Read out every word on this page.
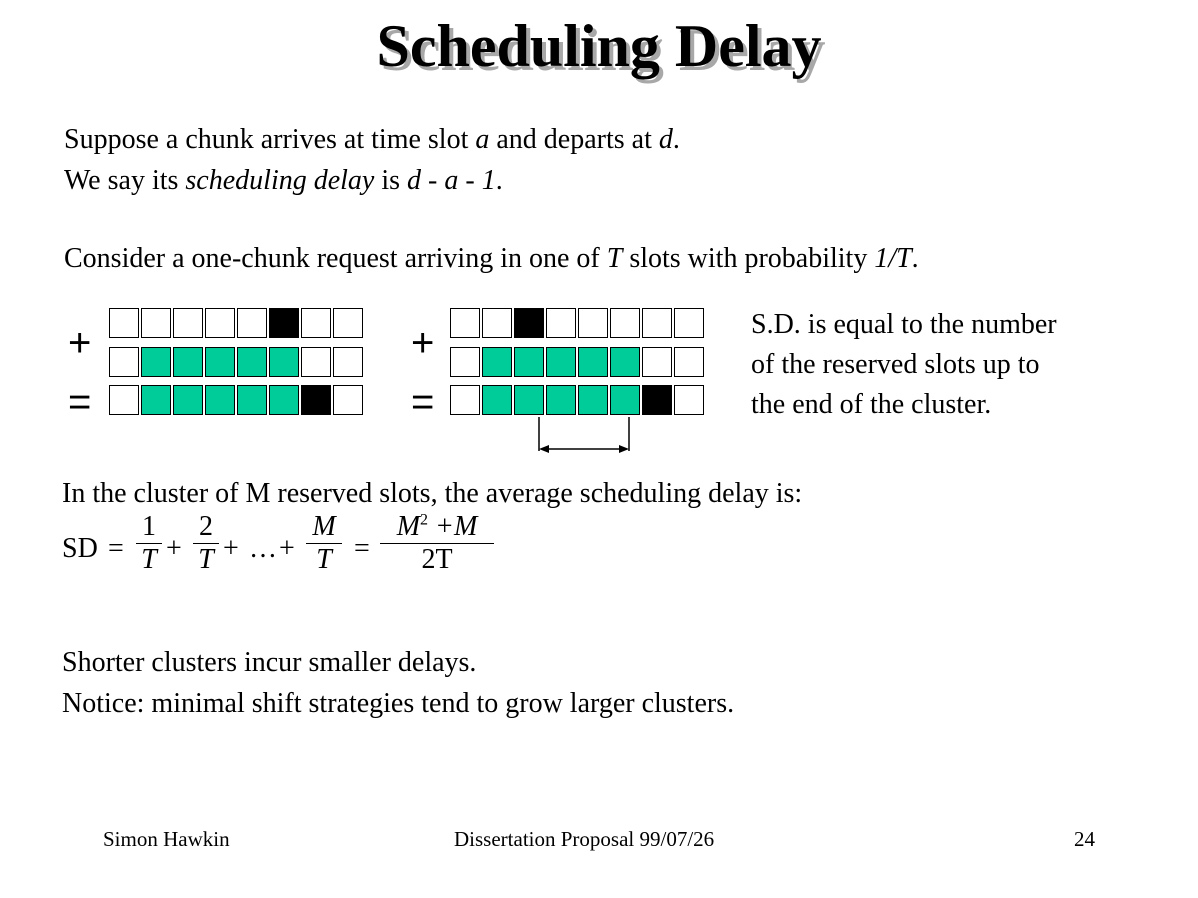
Scheduling Delay
Suppose a chunk arrives at time slot a and departs at d.
We say its scheduling delay is d - a - 1.
Consider a one-chunk request arriving in one of T slots with probability 1/T.
+
=
+
=
S.D. is equal to the number
of the reserved slots up to
the end of the cluster.
In the cluster of M reserved slots, the average scheduling delay is:
SD = $\frac{1}{T} + \frac{2}{T}$ + … + $\frac{M}{T} = \frac{M^2 +M}{2T}$
Shorter clusters incur smaller delays.
Notice: minimal shift strategies tend to grow larger clusters.
Simon Hawkin	Dissertation Proposal 99/07/26	24
